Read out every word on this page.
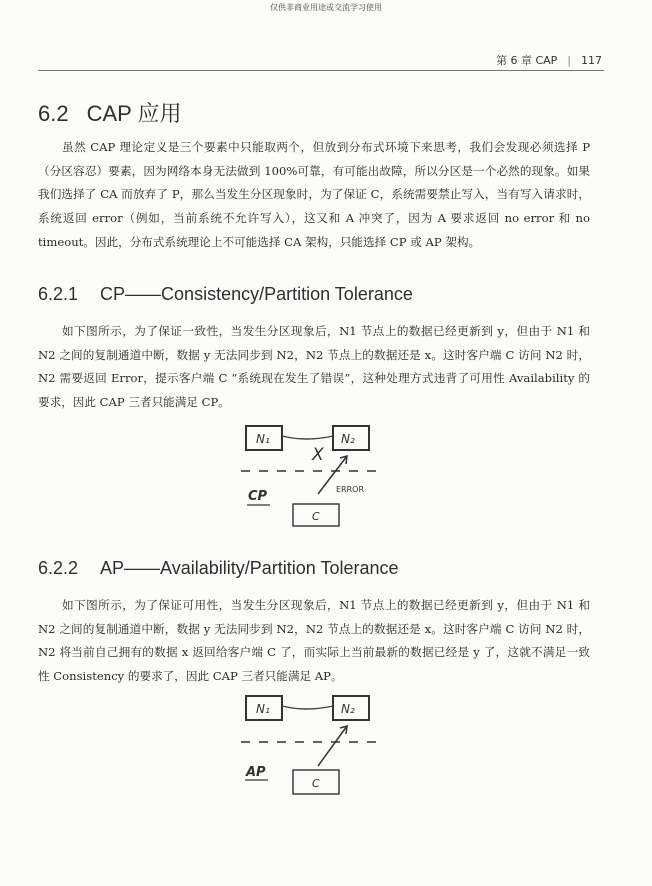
仅供非商业用途或交流学习使用
第 6 章 CAP | 117
6.2 CAP 应用
虽然 CAP 理论定义是三个要素中只能取两个，但放到分布式环境下来思考，我们会发现必须选择 P（分区容忍）要素，因为网络本身无法做到 100%可靠，有可能出故障，所以分区是一个必然的现象。如果我们选择了 CA 而放弃了 P，那么当发生分区现象时，为了保证 C，系统需要禁止写入，当有写入请求时，系统返回 error（例如，当前系统不允许写入），这又和 A 冲突了，因为 A 要求返回 no error 和 no timeout。因此，分布式系统理论上不可能选择 CA 架构，只能选择 CP 或 AP 架构。
6.2.1 CP——Consistency/Partition Tolerance
如下图所示，为了保证一致性，当发生分区现象后，N1 节点上的数据已经更新到 y，但由于 N1 和 N2 之间的复制通道中断，数据 y 无法同步到 N2，N2 节点上的数据还是 x。这时客户端 C 访问 N2 时，N2 需要返回 Error，提示客户端 C “系统现在发生了错误”，这种处理方式违背了可用性 Availability 的要求，因此 CAP 三者只能满足 CP。
N₁	N₂
X
ERROR
CP
C
6.2.2 AP——Availability/Partition Tolerance
如下图所示，为了保证可用性，当发生分区现象后，N1 节点上的数据已经更新到 y，但由于 N1 和 N2 之间的复制通道中断，数据 y 无法同步到 N2，N2 节点上的数据还是 x。这时客户端 C 访问 N2 时，N2 将当前自己拥有的数据 x 返回给客户端 C 了，而实际上当前最新的数据已经是 y 了，这就不满足一致性 Consistency 的要求了，因此 CAP 三者只能满足 AP。
N₁	N₂
AP
C
